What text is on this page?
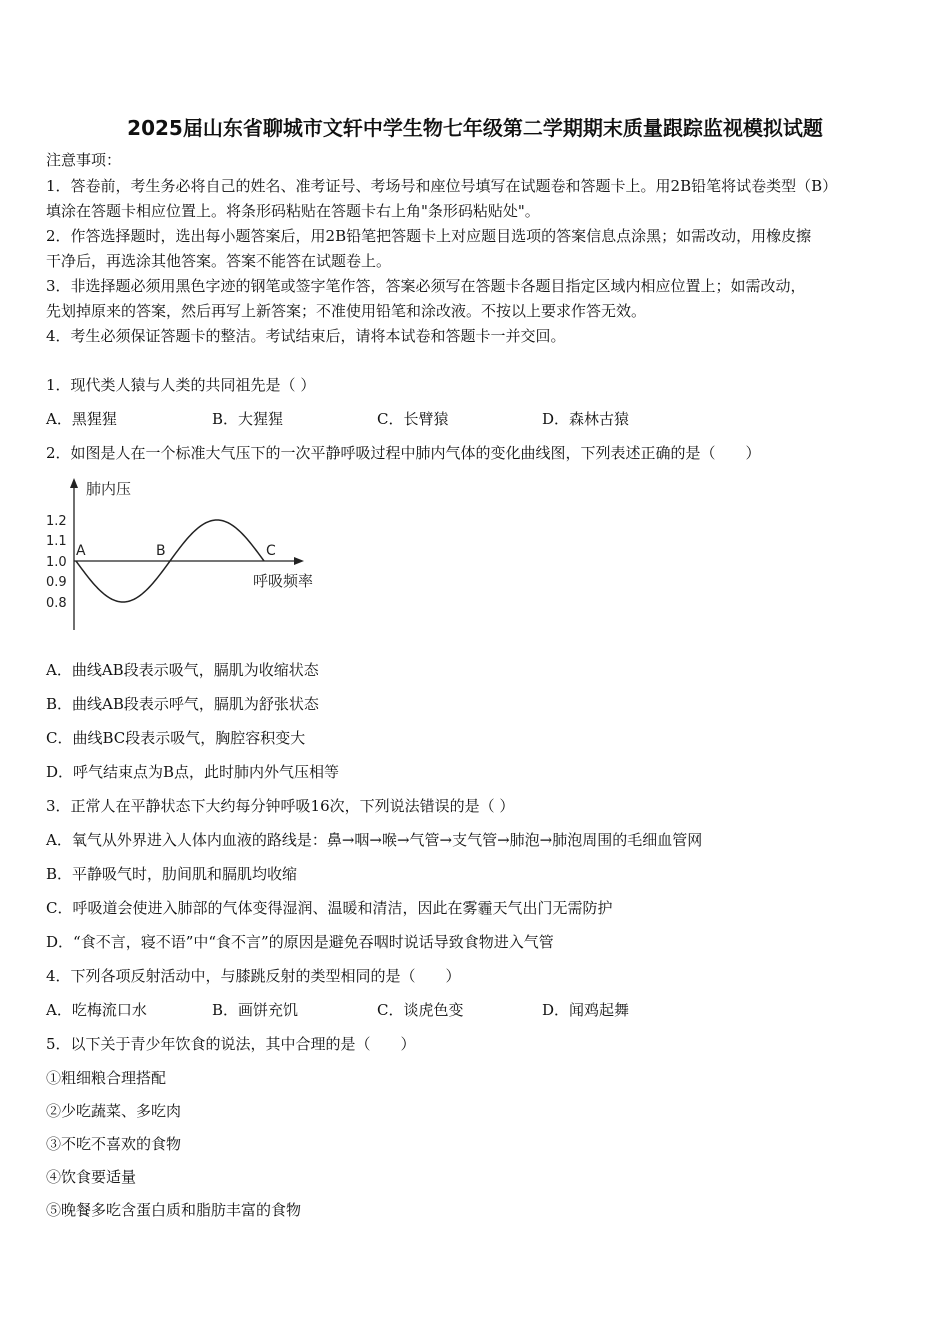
2025届山东省聊城市文轩中学生物七年级第二学期期末质量跟踪监视模拟试题
注意事项：
1．答卷前，考生务必将自己的姓名、准考证号、考场号和座位号填写在试题卷和答题卡上。用2B铅笔将试卷类型（B）
填涂在答题卡相应位置上。将条形码粘贴在答题卡右上角"条形码粘贴处"。
2．作答选择题时，选出每小题答案后，用2B铅笔把答题卡上对应题目选项的答案信息点涂黑；如需改动，用橡皮擦
干净后，再选涂其他答案。答案不能答在试题卷上。
3．非选择题必须用黑色字迹的钢笔或签字笔作答，答案必须写在答题卡各题目指定区域内相应位置上；如需改动，
先划掉原来的答案，然后再写上新答案；不准使用铅笔和涂改液。不按以上要求作答无效。
4．考生必须保证答题卡的整洁。考试结束后，请将本试卷和答题卡一并交回。
1．现代类人猿与人类的共同祖先是（ ）
A．黑猩猩	B．大猩猩	C．长臂猿	D．森林古猿
2．如图是人在一个标准大气压下的一次平静呼吸过程中肺内气体的变化曲线图，下列表述正确的是（　　）
肺内压
呼吸频率
1.2
1.1
1.0
0.9
0.8
A	B	C
A．曲线AB段表示吸气，膈肌为收缩状态
B．曲线AB段表示呼气，膈肌为舒张状态
C．曲线BC段表示吸气，胸腔容积变大
D．呼气结束点为B点，此时肺内外气压相等
3．正常人在平静状态下大约每分钟呼吸16次，下列说法错误的是（ ）
A．氧气从外界进入人体内血液的路线是：鼻→咽→喉→气管→支气管→肺泡→肺泡周围的毛细血管网
B．平静吸气时，肋间肌和膈肌均收缩
C．呼吸道会使进入肺部的气体变得湿润、温暖和清洁，因此在雾霾天气出门无需防护
D．“食不言，寝不语”中“食不言”的原因是避免吞咽时说话导致食物进入气管
4．下列各项反射活动中，与膝跳反射的类型相同的是（　　）
A．吃梅流口水	B．画饼充饥	C．谈虎色变	D．闻鸡起舞
5．以下关于青少年饮食的说法，其中合理的是（　　）
①粗细粮合理搭配
②少吃蔬菜、多吃肉
③不吃不喜欢的食物
④饮食要适量
⑤晚餐多吃含蛋白质和脂肪丰富的食物
